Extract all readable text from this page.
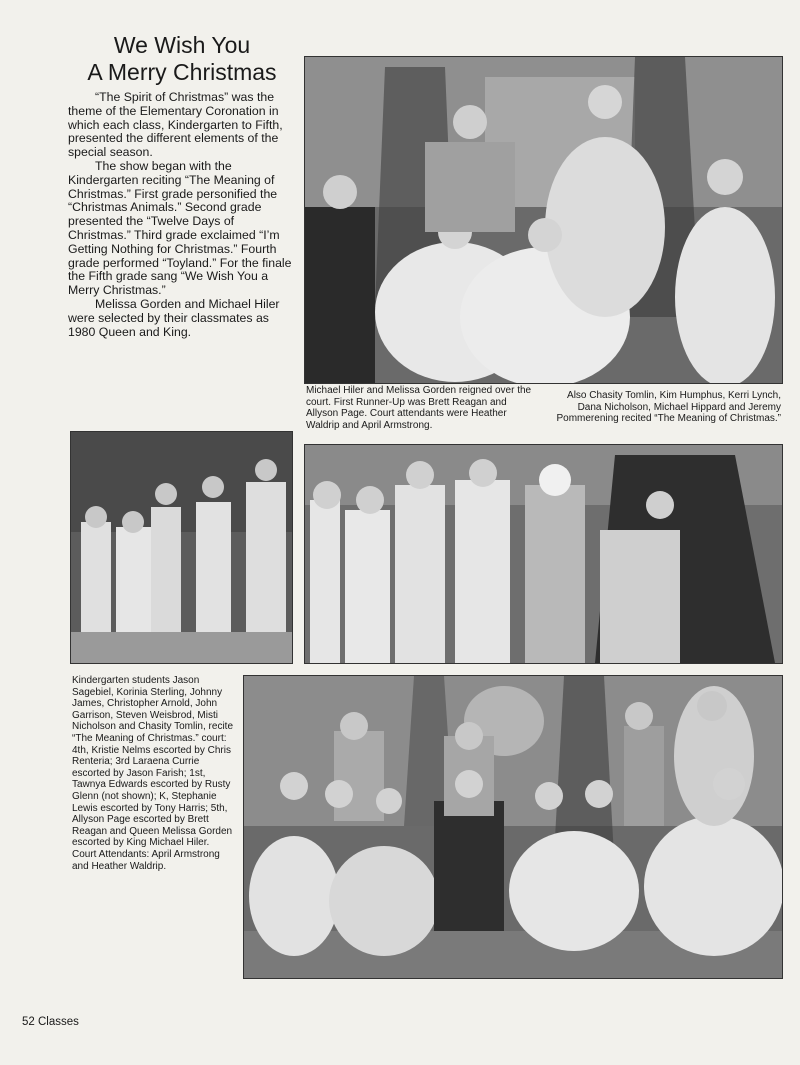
We Wish You
A Merry Christmas

“The Spirit of Christmas” was the theme of the Elementary Coronation in which each class, Kindergarten to Fifth, presented the different elements of the special season.

The show began with the Kindergarten reciting “The Meaning of Christmas.” First grade personified the “Christmas Animals.” Second grade presented the “Twelve Days of Christmas.” Third grade exclaimed “I’m Getting Nothing for Christmas.” Fourth grade performed “Toyland.” For the finale the Fifth grade sang “We Wish You a Merry Christmas.”

Melissa Gorden and Michael Hiler were selected by their classmates as 1980 Queen and King.

Michael Hiler and Melissa Gorden reigned over the court. First Runner-Up was Brett Reagan and Allyson Page. Court attendants were Heather Waldrip and April Armstrong.
Also Chasity Tomlin, Kim Humphus, Kerri Lynch, Dana Nicholson, Michael Hippard and Jeremy Pommerening recited “The Meaning of Christmas.”
Kindergarten students Jason Sagebiel, Korinia Sterling, Johnny James, Christopher Arnold, John Garrison, Steven Weisbrod, Misti Nicholson and Chasity Tomlin, recite “The Meaning of Christmas.” court: 4th, Kristie Nelms escorted by Chris Renteria; 3rd Laraena Currie escorted by Jason Farish; 1st, Tawnya Edwards escorted by Rusty Glenn (not shown); K, Stephanie Lewis escorted by Tony Harris; 5th, Allyson Page escorted by Brett Reagan and Queen Melissa Gorden escorted by King Michael Hiler. Court Attendants: April Armstrong and Heather Waldrip.
52 Classes
